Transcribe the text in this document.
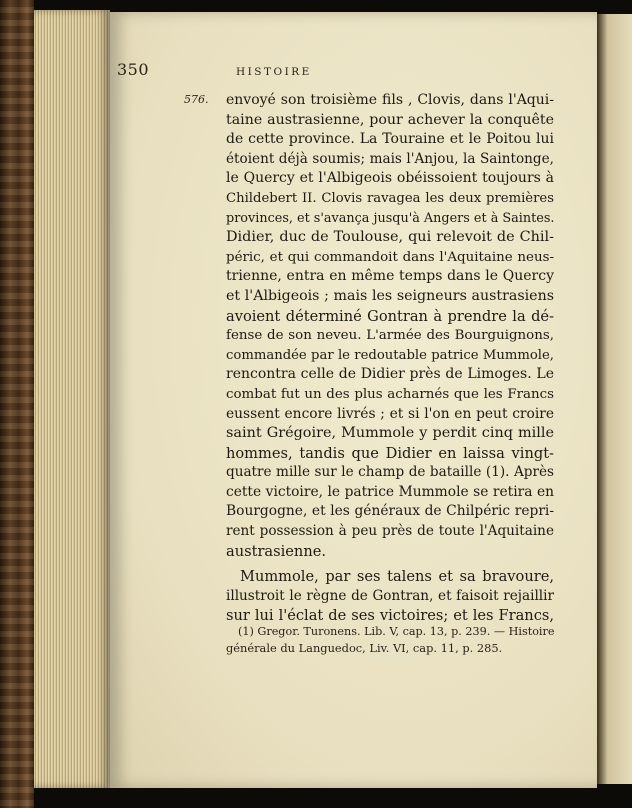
350	HISTOIRE
576. envoyé son troisième fils , Clovis, dans l'Aqui-
taine austrasienne, pour achever la conquête
de cette province. La Touraine et le Poitou lui
étoient déjà soumis; mais l'Anjou, la Saintonge,
le Quercy et l'Albigeois obéissoient toujours à
Childebert II. Clovis ravagea les deux premières
provinces, et s'avança jusqu'à Angers et à Saintes.
Didier, duc de Toulouse, qui relevoit de Chil-
péric, et qui commandoit dans l'Aquitaine neus-
trienne, entra en même temps dans le Quercy
et l'Albigeois ; mais les seigneurs austrasiens
avoient déterminé Gontran à prendre la dé-
fense de son neveu. L'armée des Bourguignons,
commandée par le redoutable patrice Mummole,
rencontra celle de Didier près de Limoges. Le
combat fut un des plus acharnés que les Francs
eussent encore livrés ; et si l'on en peut croire
saint Grégoire, Mummole y perdit cinq mille
hommes, tandis que Didier en laissa vingt-
quatre mille sur le champ de bataille (1). Après
cette victoire, le patrice Mummole se retira en
Bourgogne, et les généraux de Chilpéric repri-
rent possession à peu près de toute l'Aquitaine
austrasienne.
Mummole, par ses talens et sa bravoure,
illustroit le règne de Gontran, et faisoit rejaillir
sur lui l'éclat de ses victoires; et les Francs,
(1) Gregor. Turonens. Lib. V, cap. 13, p. 239. — Histoire
générale du Languedoc, Liv. VI, cap. 11, p. 285.
